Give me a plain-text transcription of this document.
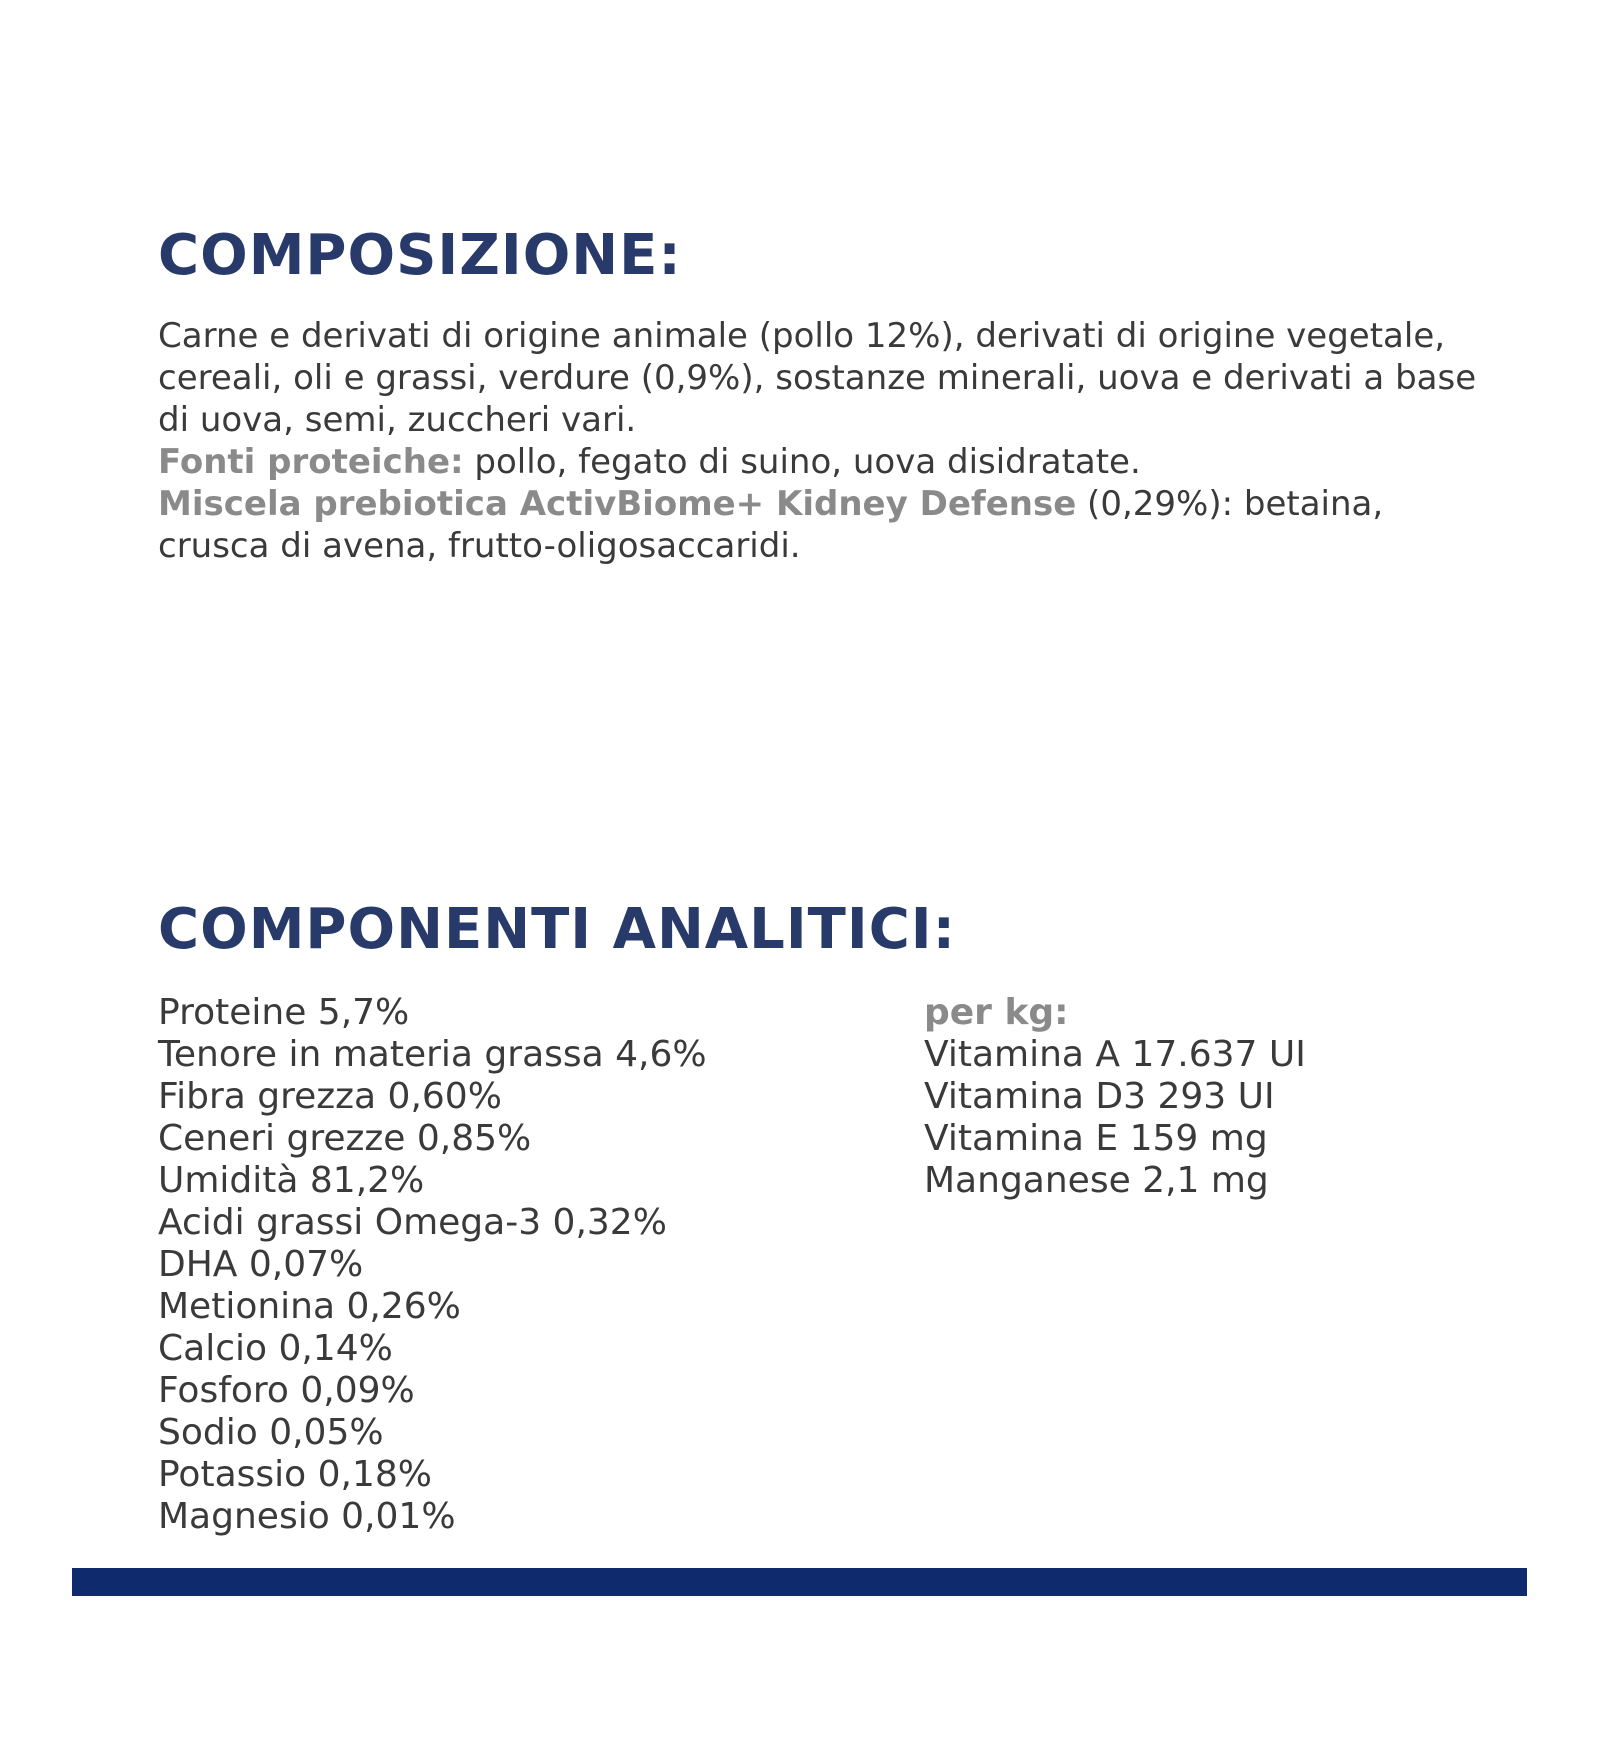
COMPOSIZIONE:

Carne e derivati di origine animale (pollo 12%), derivati di origine vegetale, cereali, oli e grassi, verdure (0,9%), sostanze minerali, uova e derivati a base di uova, semi, zuccheri vari.

Fonti proteiche: pollo, fegato di suino, uova disidratate.

Miscela prebiotica ActivBiome+ Kidney Defense (0,29%): betaina, crusca di avena, frutto-oligosaccaridi.

COMPONENTI ANALITICI:
Proteine 5,7%
Tenore in materia grassa 4,6%
Fibra grezza 0,60%
Ceneri grezze 0,85%
Umidità 81,2%
Acidi grassi Omega-3 0,32%
DHA 0,07%
Metionina 0,26%
Calcio 0,14%
Fosforo 0,09%
Sodio 0,05%
Potassio 0,18%
Magnesio 0,01%
per kg:
Vitamina A 17.637 UI
Vitamina D3 293 UI
Vitamina E 159 mg
Manganese 2,1 mg
